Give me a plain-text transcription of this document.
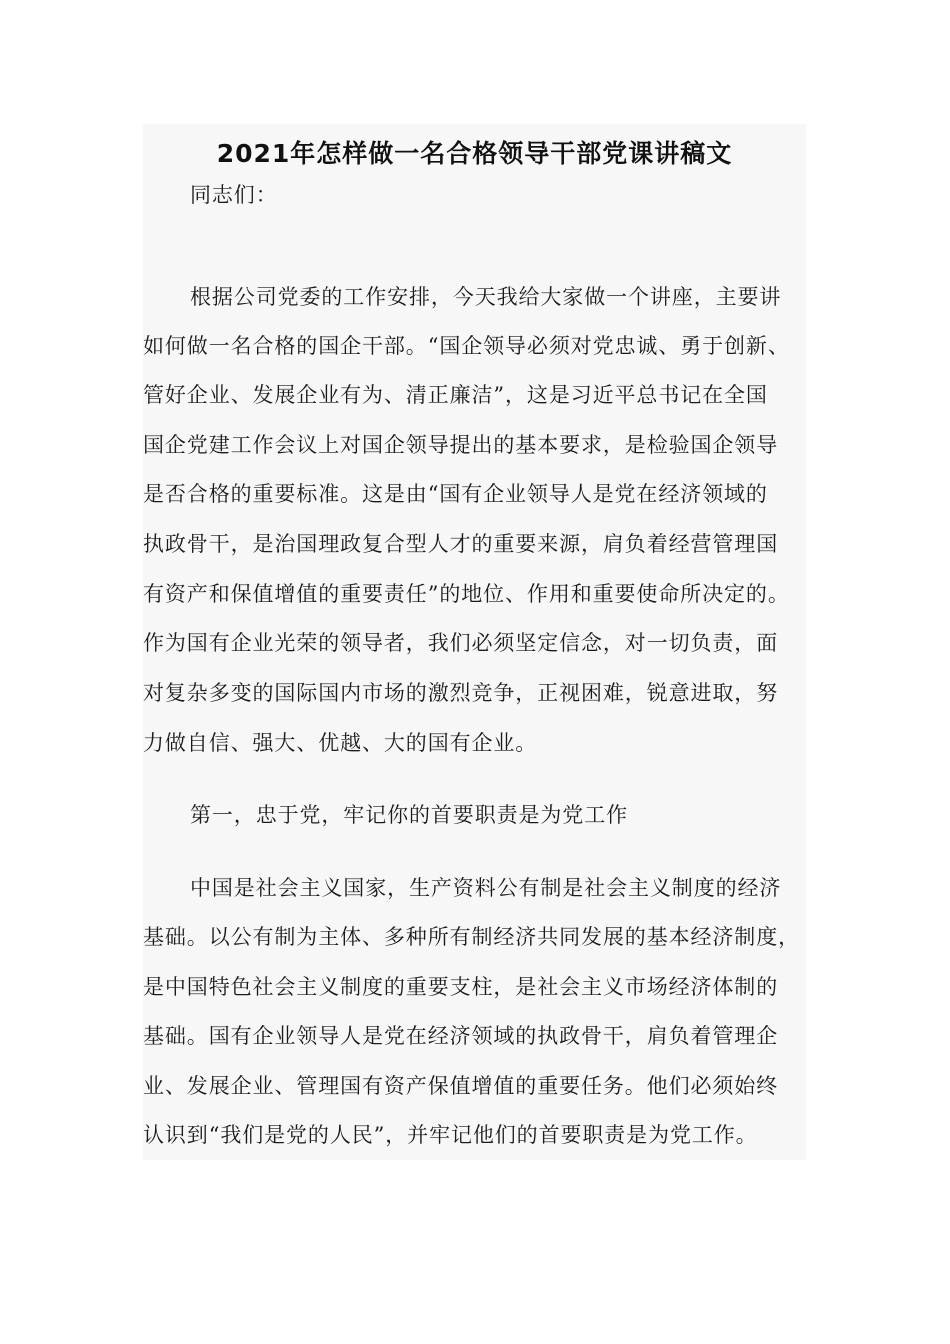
2021年怎样做一名合格领导干部党课讲稿文

同志们：

根据公司党委的工作安排，今天我给大家做一个讲座，主要讲

如何做一名合格的国企干部。“国企领导必须对党忠诚、勇于创新、

管好企业、发展企业有为、清正廉洁”，这是习近平总书记在全国

国企党建工作会议上对国企领导提出的基本要求，是检验国企领导

是否合格的重要标准。这是由“国有企业领导人是党在经济领域的

执政骨干，是治国理政复合型人才的重要来源，肩负着经营管理国

有资产和保值增值的重要责任”的地位、作用和重要使命所决定的。

作为国有企业光荣的领导者，我们必须坚定信念，对一切负责，面

对复杂多变的国际国内市场的激烈竞争，正视困难，锐意进取，努

力做自信、强大、优越、大的国有企业。

第一，忠于党，牢记你的首要职责是为党工作

中国是社会主义国家，生产资料公有制是社会主义制度的经济

基础。以公有制为主体、多种所有制经济共同发展的基本经济制度，

是中国特色社会主义制度的重要支柱，是社会主义市场经济体制的

基础。国有企业领导人是党在经济领域的执政骨干，肩负着管理企

业、发展企业、管理国有资产保值增值的重要任务。他们必须始终

认识到“我们是党的人民”，并牢记他们的首要职责是为党工作。
